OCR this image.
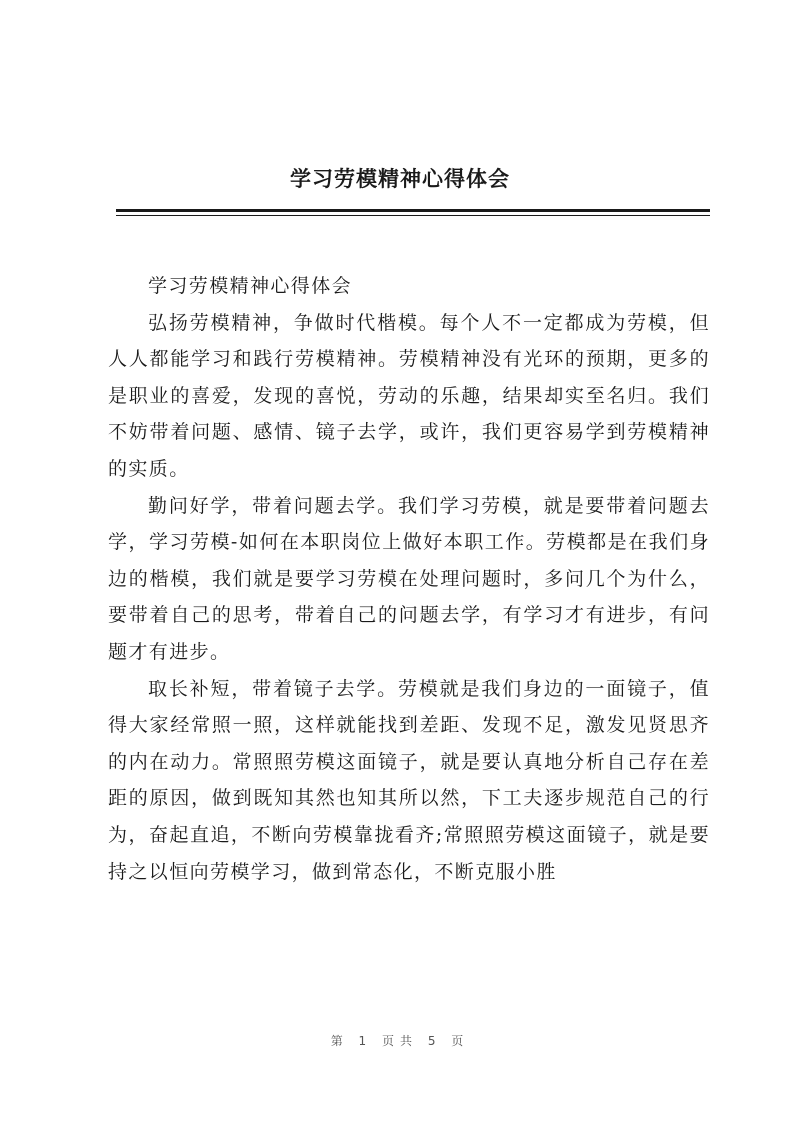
学习劳模精神心得体会

学习劳模精神心得体会

弘扬劳模精神，争做时代楷模。每个人不一定都成为劳模，但人人都能学习和践行劳模精神。劳模精神没有光环的预期，更多的是职业的喜爱，发现的喜悦，劳动的乐趣，结果却实至名归。我们不妨带着问题、感情、镜子去学，或许，我们更容易学到劳模精神的实质。

勤问好学，带着问题去学。我们学习劳模，就是要带着问题去学，学习劳模-如何在本职岗位上做好本职工作。劳模都是在我们身边的楷模，我们就是要学习劳模在处理问题时，多问几个为什么，要带着自己的思考，带着自己的问题去学，有学习才有进步，有问题才有进步。

取长补短，带着镜子去学。劳模就是我们身边的一面镜子，值得大家经常照一照，这样就能找到差距、发现不足，激发见贤思齐的内在动力。常照照劳模这面镜子，就是要认真地分析自己存在差距的原因，做到既知其然也知其所以然，下工夫逐步规范自己的行为，奋起直追，不断向劳模靠拢看齐;常照照劳模这面镜子，就是要持之以恒向劳模学习，做到常态化，不断克服小胜

第 1 页共 5 页
